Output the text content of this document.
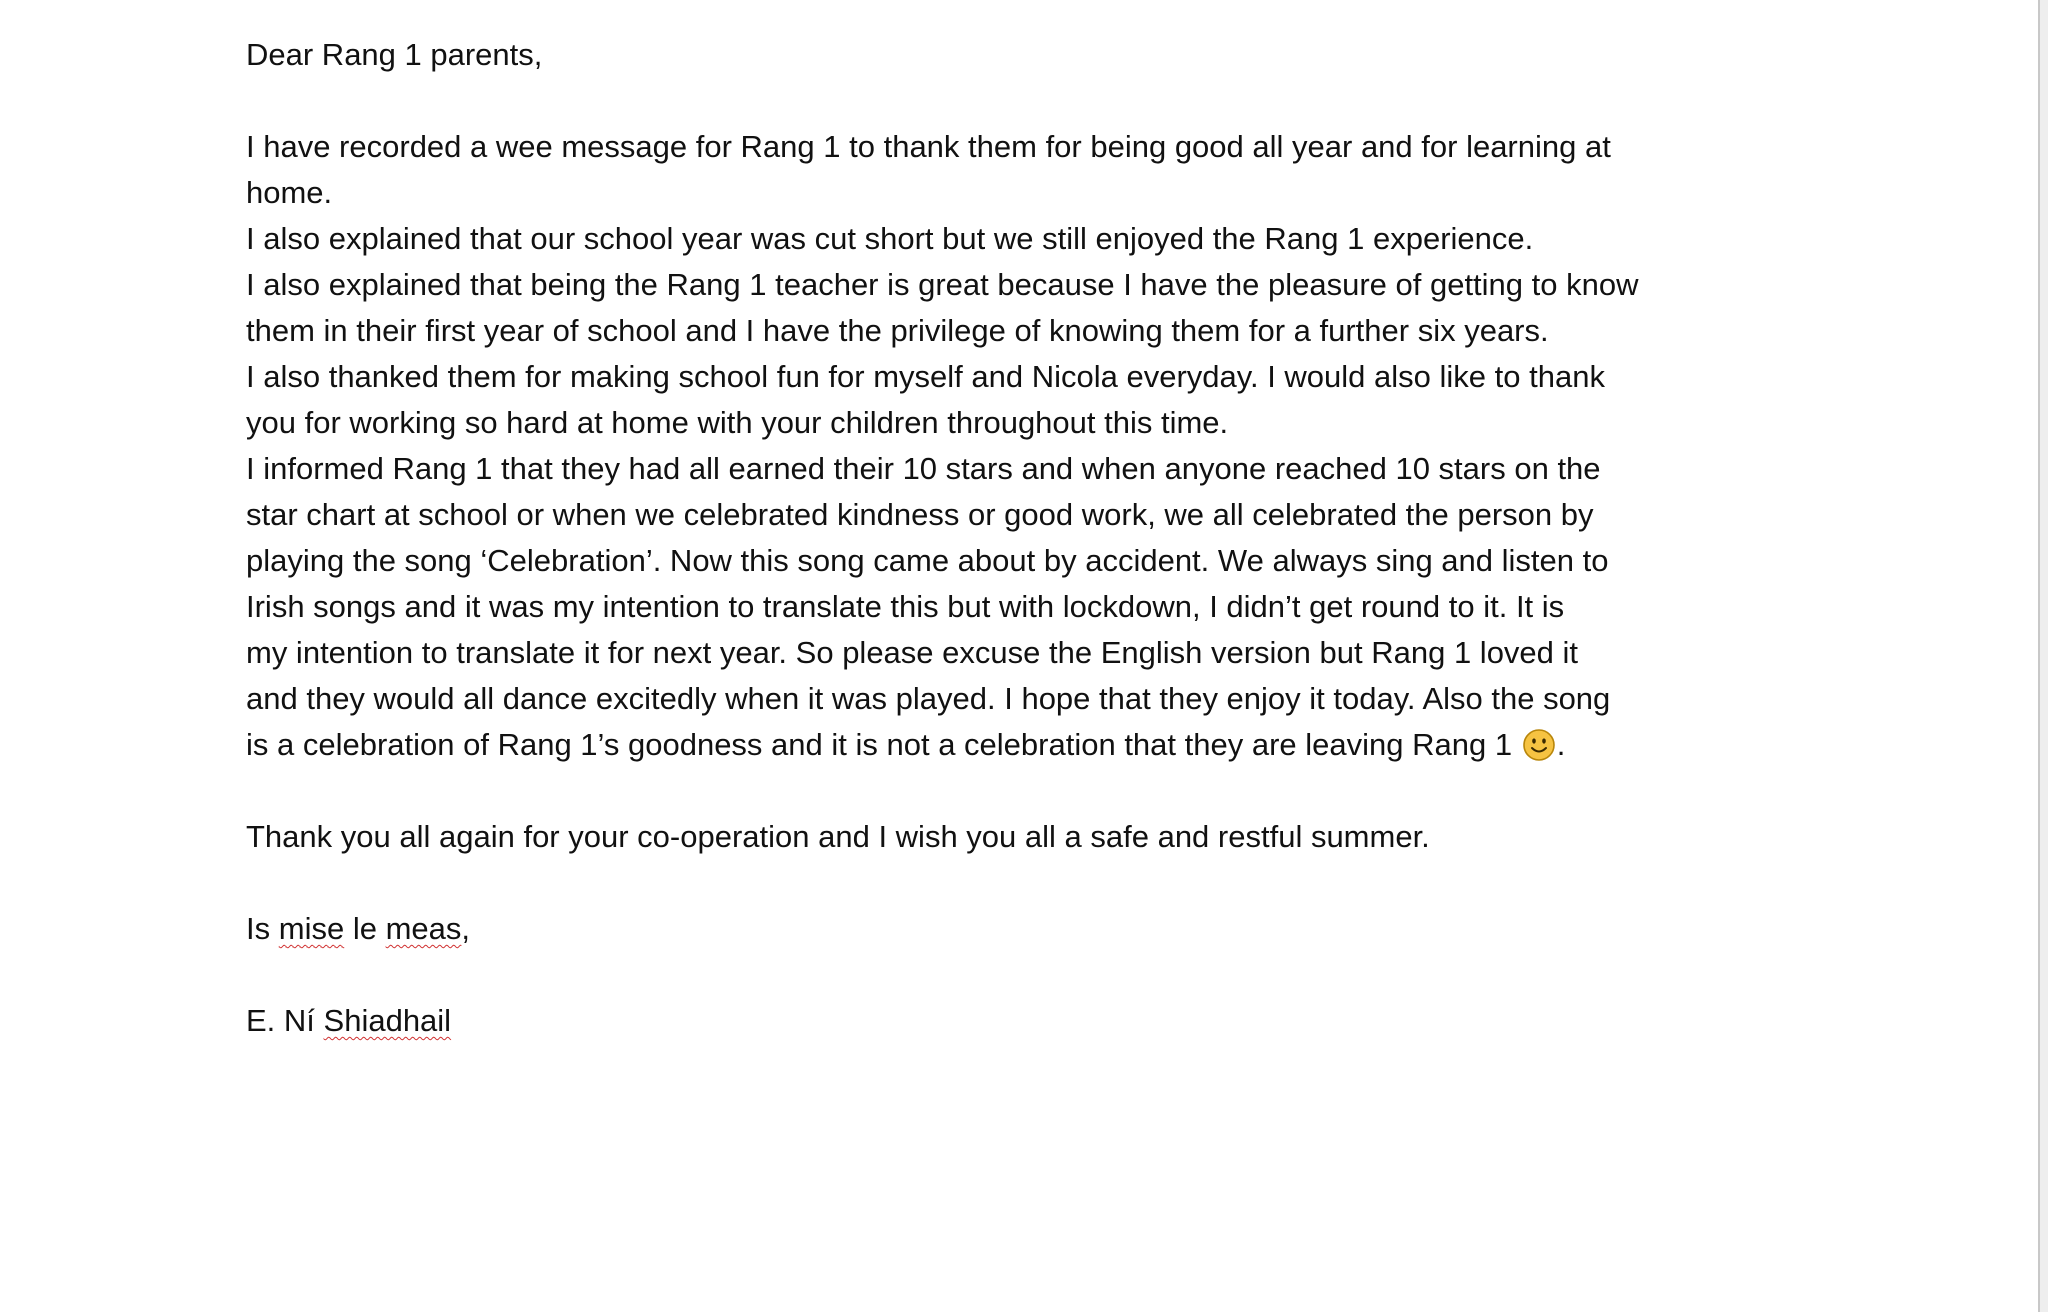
Dear Rang 1 parents,
I have recorded a wee message for Rang 1 to thank them for being good all year and for learning at
home.
I also explained that our school year was cut short but we still enjoyed the Rang 1 experience.
I also explained that being the Rang 1 teacher is great because I have the pleasure of getting to know
them in their first year of school and I have the privilege of knowing them for a further six years.
I also thanked them for making school fun for myself and Nicola everyday. I would also like to thank
you for working so hard at home with your children throughout this time.
I informed Rang 1 that they had all earned their 10 stars and when anyone reached 10 stars on the
star chart at school or when we celebrated kindness or good work, we all celebrated the person by
playing the song ‘Celebration’. Now this song came about by accident. We always sing and listen to
Irish songs and it was my intention to translate this but with lockdown, I didn’t get round to it. It is
my intention to translate it for next year. So please excuse the English version but Rang 1 loved it
and they would all dance excitedly when it was played. I hope that they enjoy it today. Also the song
is a celebration of Rang 1’s goodness and it is not a celebration that they are leaving Rang 1 .
Thank you all again for your co-operation and I wish you all a safe and restful summer.
Is mise le meas,
E. Ní Shiadhail
